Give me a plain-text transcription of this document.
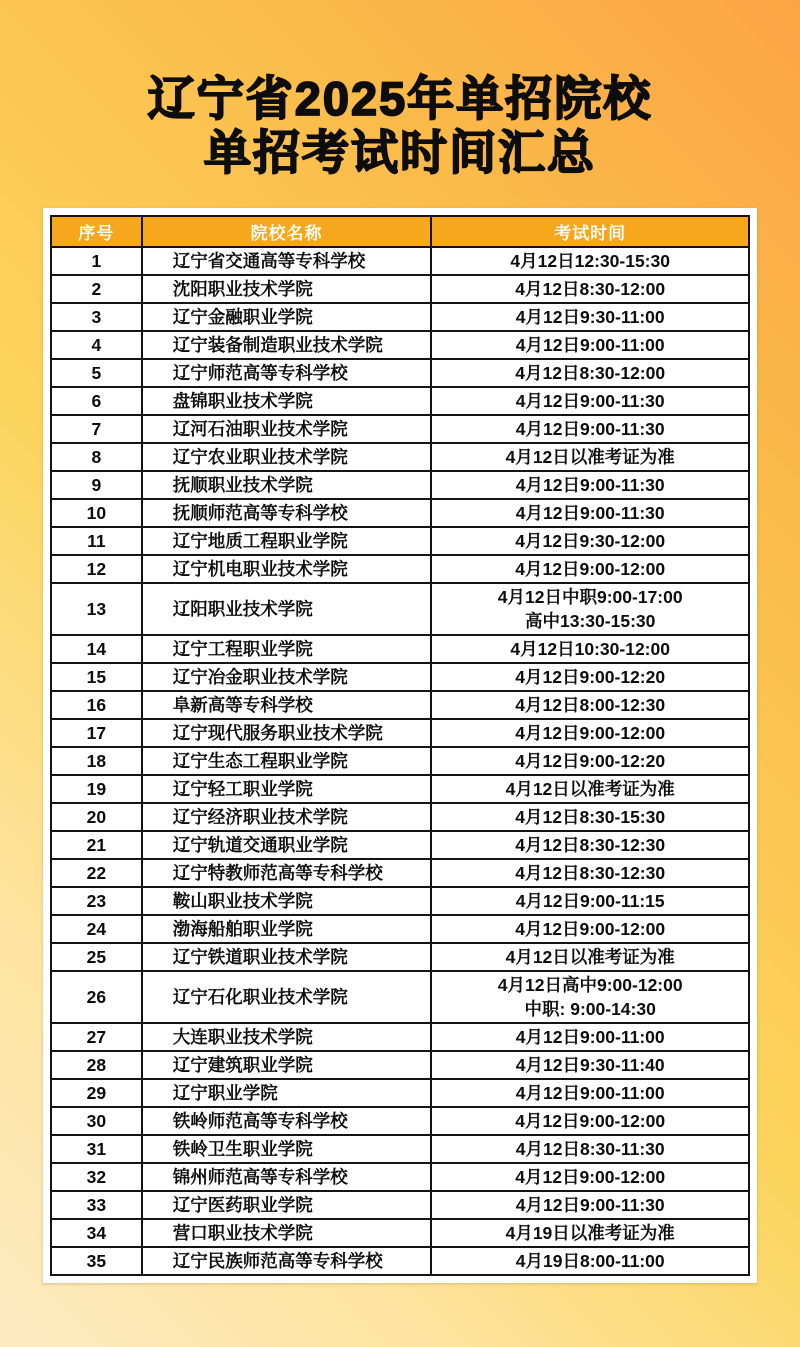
辽宁省2025年单招院校
单招考试时间汇总
序号	院校名称	考试时间
1	辽宁省交通高等专科学校	4月12日12:30-15:30

2	沈阳职业技术学院	4月12日8:30-12:00

3	辽宁金融职业学院	4月12日9:30-11:00

4	辽宁装备制造职业技术学院	4月12日9:00-11:00

5	辽宁师范高等专科学校	4月12日8:30-12:00

6	盘锦职业技术学院	4月12日9:00-11:30

7	辽河石油职业技术学院	4月12日9:00-11:30

8	辽宁农业职业技术学院	4月12日以准考证为准

9	抚顺职业技术学院	4月12日9:00-11:30

10	抚顺师范高等专科学校	4月12日9:00-11:30

11	辽宁地质工程职业学院	4月12日9:30-12:00

12	辽宁机电职业技术学院	4月12日9:00-12:00

13	辽阳职业技术学院	4月12日中职9:00-17:00
高中13:30-15:30

14	辽宁工程职业学院	4月12日10:30-12:00

15	辽宁冶金职业技术学院	4月12日9:00-12:20

16	阜新高等专科学校	4月12日8:00-12:30

17	辽宁现代服务职业技术学院	4月12日9:00-12:00

18	辽宁生态工程职业学院	4月12日9:00-12:20

19	辽宁轻工职业学院	4月12日以准考证为准

20	辽宁经济职业技术学院	4月12日8:30-15:30

21	辽宁轨道交通职业学院	4月12日8:30-12:30

22	辽宁特教师范高等专科学校	4月12日8:30-12:30

23	鞍山职业技术学院	4月12日9:00-11:15

24	渤海船舶职业学院	4月12日9:00-12:00

25	辽宁铁道职业技术学院	4月12日以准考证为准

26	辽宁石化职业技术学院	4月12日高中9:00-12:00
中职: 9:00-14:30

27	大连职业技术学院	4月12日9:00-11:00

28	辽宁建筑职业学院	4月12日9:30-11:40

29	辽宁职业学院	4月12日9:00-11:00

30	铁岭师范高等专科学校	4月12日9:00-12:00

31	铁岭卫生职业学院	4月12日8:30-11:30

32	锦州师范高等专科学校	4月12日9:00-12:00

33	辽宁医药职业学院	4月12日9:00-11:30

34	营口职业技术学院	4月19日以准考证为准

35	辽宁民族师范高等专科学校	4月19日8:00-11:00
